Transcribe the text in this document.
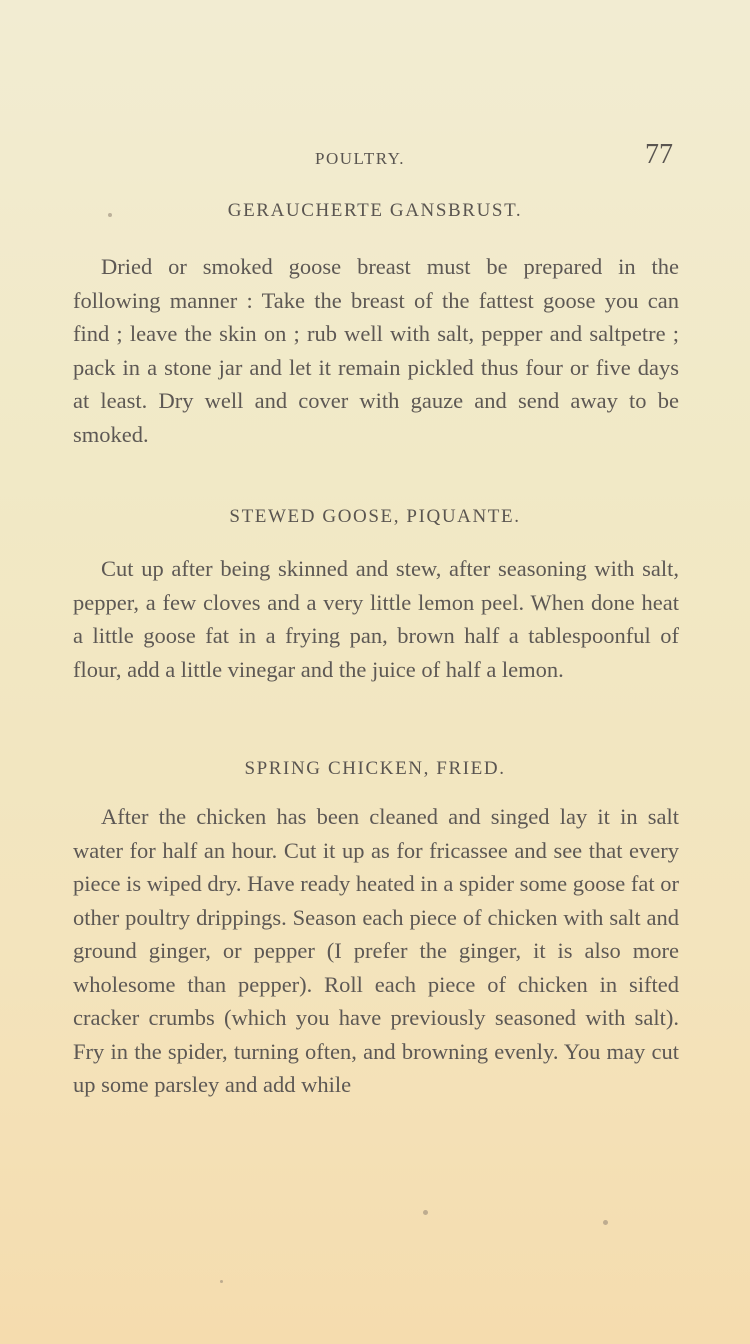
POULTRY.	77
GERAUCHERTE GANSBRUST.

Dried or smoked goose breast must be prepared in the following manner : Take the breast of the fattest goose you can find ; leave the skin on ; rub well with salt, pepper and saltpetre ; pack in a stone jar and let it remain pickled thus four or five days at least. Dry well and cover with gauze and send away to be smoked.

STEWED GOOSE, PIQUANTE.

Cut up after being skinned and stew, after seasoning with salt, pepper, a few cloves and a very little lemon peel. When done heat a little goose fat in a frying pan, brown half a tablespoonful of flour, add a little vinegar and the juice of half a lemon.

SPRING CHICKEN, FRIED.

After the chicken has been cleaned and singed lay it in salt water for half an hour. Cut it up as for fricassee and see that every piece is wiped dry. Have ready heated in a spider some goose fat or other poultry drippings. Season each piece of chicken with salt and ground ginger, or pepper (I prefer the ginger, it is also more wholesome than pepper). Roll each piece of chicken in sifted cracker crumbs (which you have previously seasoned with salt). Fry in the spider, turning often, and browning evenly. You may cut up some parsley and add while
